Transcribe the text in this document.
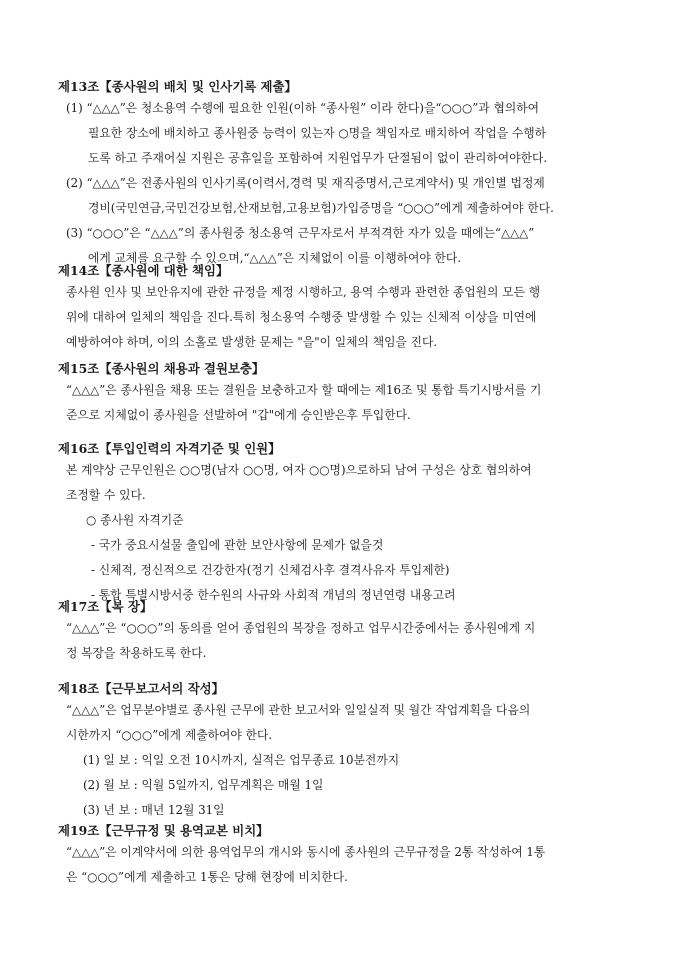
제13조【종사원의 배치 및 인사기록 제출】
(1) “△△△”은 청소용역 수행에 필요한 인원(이하 “종사원” 이라 한다)을“○○○”과 협의하여
필요한 장소에 배치하고 종사원중 능력이 있는자 ○명을 책임자로 배치하여 작업을 수행하
도록 하고 주재어실 지원은 공휴일을 포함하여 지원업무가 단절됨이 없이 관리하여야한다.
(2) “△△△”은 전종사원의 인사기록(이력서,경력 및 재직증명서,근로계약서) 및 개인별 법정제
경비(국민연금,국민건강보험,산재보험,고용보험)가입증명을 “○○○”에게 제출하여야 한다.
(3) “○○○”은 “△△△”의 종사원중 청소용역 근무자로서 부적격한 자가 있을 때에는“△△△”
에게 교체를 요구할 수 있으며,“△△△”은 지체없이 이를 이행하여야 한다.
제14조【종사원에 대한 책임】
종사원 인사 및 보안유지에 관한 규정을 제정 시행하고, 용역 수행과 관련한 종업원의 모든 행
위에 대하여 일체의 책임을 진다.특히 청소용역 수행중 발생할 수 있는 신체적 이상을 미연에
예방하여야 하며, 이의 소홀로 발생한 문제는 "을"이 일체의 책임을 진다.
제15조【종사원의 채용과 결원보충】
“△△△”은 종사원을 채용 또는 결원을 보충하고자 할 때에는 제16조 및 통합 특기시방서를 기
준으로 지체없이 종사원을 선발하여 "갑"에게 승인받은후 투입한다.
제16조【투입인력의 자격기준 및 인원】
본 계약상 근무인원은 ○○명(남자 ○○명, 여자 ○○명)으로하되 남여 구성은 상호 협의하여
조정할 수 있다.
○ 종사원 자격기준
- 국가 중요시설물 출입에 관한 보안사항에 문제가 없을것
- 신체적, 정신적으로 건강한자(정기 신체검사후 결격사유자 투입제한)
- 통합 특별시방서중 한수원의 사규와 사회적 개념의 정년연령 내용고려
제17조【복 장】
“△△△”은 “○○○”의 동의를 얻어 종업원의 복장을 정하고 업무시간중에서는 종사원에게 지
정 복장을 착용하도록 한다.
제18조【근무보고서의 작성】
“△△△”은 업무분야별로 종사원 근무에 관한 보고서와 일일실적 및 월간 작업계획을 다음의
시한까지 “○○○”에게 제출하여야 한다.
(1) 일 보 : 익일 오전 10시까지, 실적은 업무종료 10분전까지
(2) 월 보 : 익월 5일까지, 업무계획은 매월 1일
(3) 년 보 : 매년 12월 31일
제19조【근무규정 및 용역교본 비치】
“△△△”은 이계약서에 의한 용역업무의 개시와 동시에 종사원의 근무규정을 2통 작성하여 1통
은 “○○○”에게 제출하고 1통은 당해 현장에 비치한다.
